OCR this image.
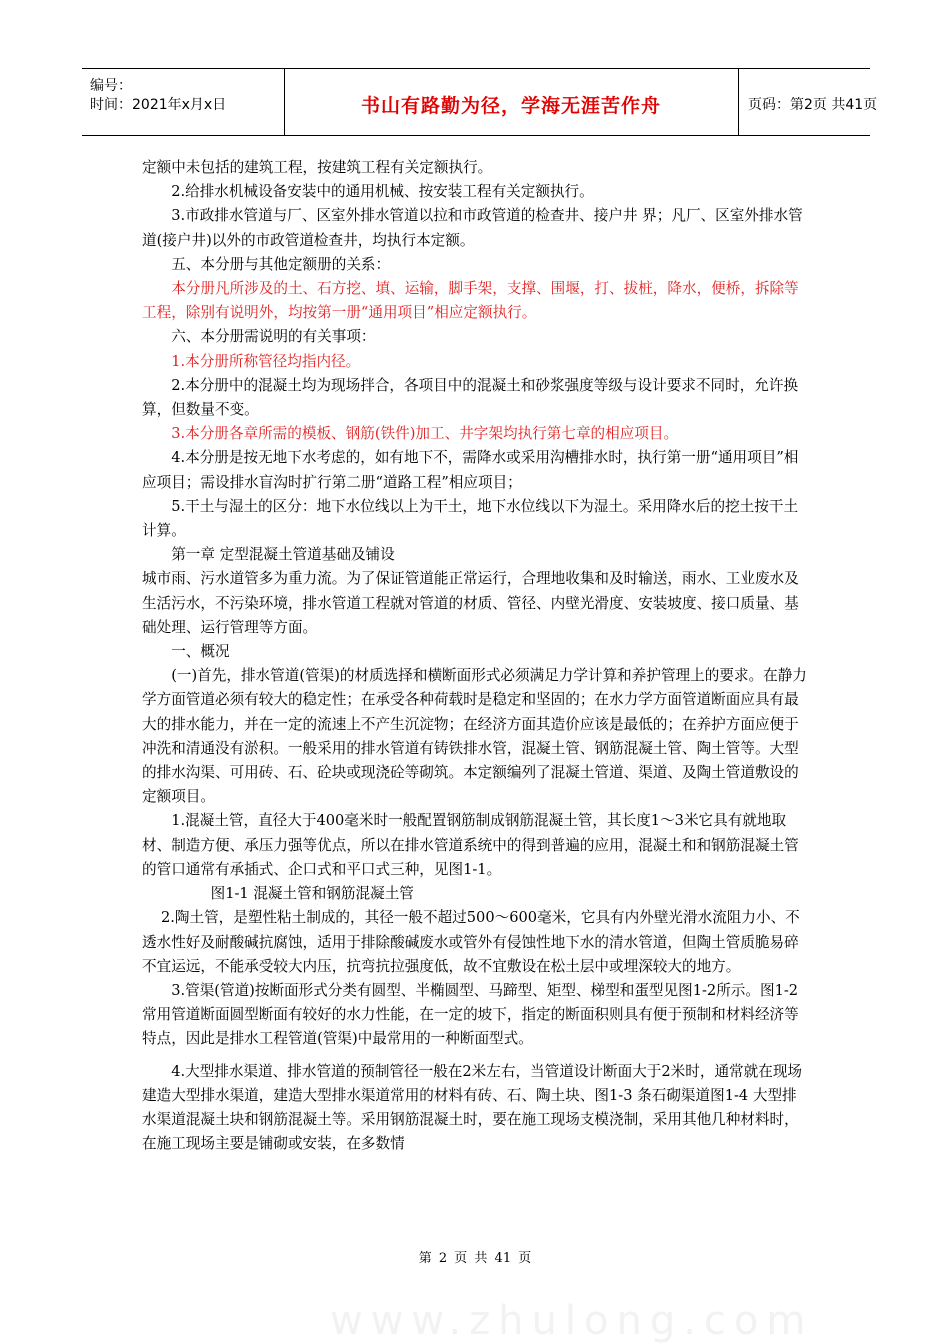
编号：
时间：2021年x月x日	书山有路勤为径，学海无涯苦作舟	页码：第2页 共41页

定额中未包括的建筑工程，按建筑工程有关定额执行。

2.给排水机械设备安装中的通用机械、按安装工程有关定额执行。

3.市政排水管道与厂、区室外排水管道以拉和市政管道的检查井、接户井 界；凡厂、区室外排水管道(接户井)以外的市政管道检查井，均执行本定额。

五、本分册与其他定额册的关系：

本分册凡所涉及的土、石方挖、填、运输，脚手架，支撑、围堰，打、拔桩，降水，便桥，拆除等工程，除别有说明外，均按第一册“通用项目”相应定额执行。

六、本分册需说明的有关事项：

1.本分册所称管径均指内径。

2.本分册中的混凝土均为现场拌合，各项目中的混凝土和砂浆强度等级与设计要求不同时，允许换算，但数量不变。

3.本分册各章所需的模板、钢筋(铁件)加工、井字架均执行第七章的相应项目。

4.本分册是按无地下水考虑的，如有地下不，需降水或采用沟槽排水时，执行第一册“通用项目”相应项目；需设排水盲沟时扩行第二册“道路工程”相应项目；

5.干土与湿土的区分：地下水位线以上为干土，地下水位线以下为湿土。采用降水后的挖土按干土计算。

第一章 定型混凝土管道基础及铺设

城市雨、污水道管多为重力流。为了保证管道能正常运行，合理地收集和及时输送，雨水、工业废水及生活污水，不污染环境，排水管道工程就对管道的材质、管径、内壁光滑度、安装坡度、接口质量、基础处理、运行管理等方面。

一、概况

(一)首先，排水管道(管渠)的材质选择和横断面形式必须满足力学计算和养护管理上的要求。在静力学方面管道必须有较大的稳定性；在承受各种荷载时是稳定和坚固的；在水力学方面管道断面应具有最大的排水能力，并在一定的流速上不产生沉淀物；在经济方面其造价应该是最低的；在养护方面应便于冲洗和清通没有淤积。一般采用的排水管道有铸铁排水管，混凝土管、钢筋混凝土管、陶土管等。大型的排水沟渠、可用砖、石、砼块或现浇砼等砌筑。本定额编列了混凝土管道、渠道、及陶土管道敷设的定额项目。

1.混凝土管，直径大于400毫米时一般配置钢筋制成钢筋混凝土管，其长度1～3米它具有就地取材、制造方便、承压力强等优点，所以在排水管道系统中的得到普遍的应用，混凝土和和钢筋混凝土管的管口通常有承插式、企口式和平口式三种，见图1-1。

图1-1 混凝土管和钢筋混凝土管

2.陶土管，是塑性粘土制成的，其径一般不超过500～600毫米，它具有内外壁光滑水流阻力小、不透水性好及耐酸碱抗腐蚀，适用于排除酸碱废水或管外有侵蚀性地下水的清水管道，但陶土管质脆易碎不宜运远，不能承受较大内压，抗弯抗拉强度低，故不宜敷设在松土层中或埋深较大的地方。

3.管渠(管道)按断面形式分类有圆型、半椭圆型、马蹄型、矩型、梯型和蛋型见图1-2所示。图1-2 常用管道断面圆型断面有较好的水力性能，在一定的坡下，指定的断面积则具有便于预制和材料经济等特点，因此是排水工程管道(管渠)中最常用的一种断面型式。

4.大型排水渠道、排水管道的预制管径一般在2米左右，当管道设计断面大于2米时，通常就在现场建造大型排水渠道，建造大型排水渠道常用的材料有砖、石、陶土块、图1-3 条石砌渠道图1-4 大型排水渠道混凝土块和钢筋混凝土等。采用钢筋混凝土时，要在施工现场支模浇制，采用其他几种材料时，在施工现场主要是铺砌或安装，在多数情

第 2 页 共 41 页
www.zhulong.com
